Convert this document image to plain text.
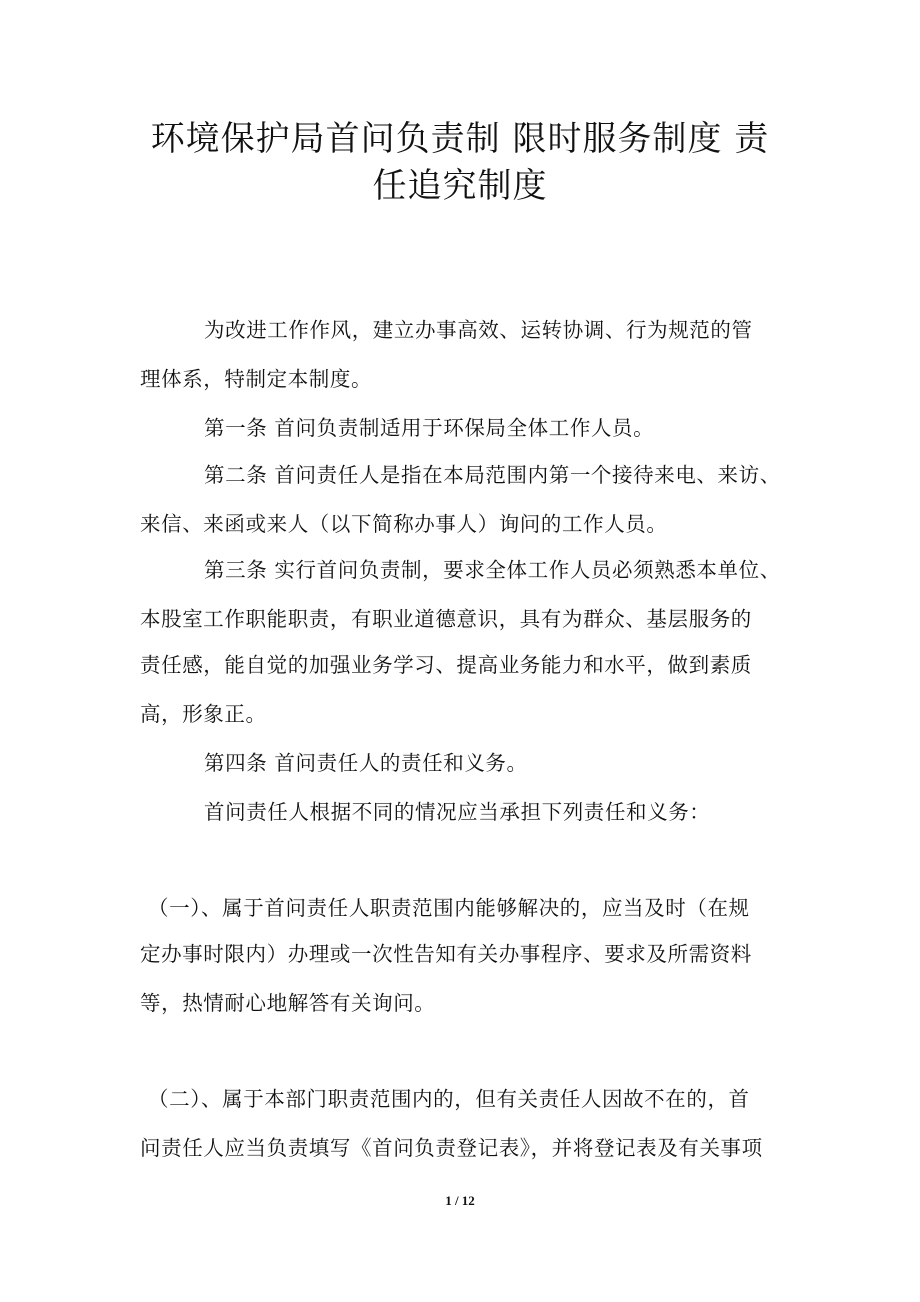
环境保护局首问负责制 限时服务制度 责
任追究制度
为改进工作作风，建立办事高效、运转协调、行为规范的管
理体系，特制定本制度。
第一条 首问负责制适用于环保局全体工作人员。
第二条 首问责任人是指在本局范围内第一个接待来电、来访、
来信、来函或来人（以下简称办事人）询问的工作人员。
第三条 实行首问负责制，要求全体工作人员必须熟悉本单位、
本股室工作职能职责，有职业道德意识，具有为群众、基层服务的
责任感，能自觉的加强业务学习、提高业务能力和水平，做到素质
高，形象正。
第四条 首问责任人的责任和义务。
首问责任人根据不同的情况应当承担下列责任和义务：
（一）、属于首问责任人职责范围内能够解决的，应当及时（在规
定办事时限内）办理或一次性告知有关办事程序、要求及所需资料
等，热情耐心地解答有关询问。
（二）、属于本部门职责范围内的，但有关责任人因故不在的，首
问责任人应当负责填写《首问负责登记表》，并将登记表及有关事项
1 / 12
